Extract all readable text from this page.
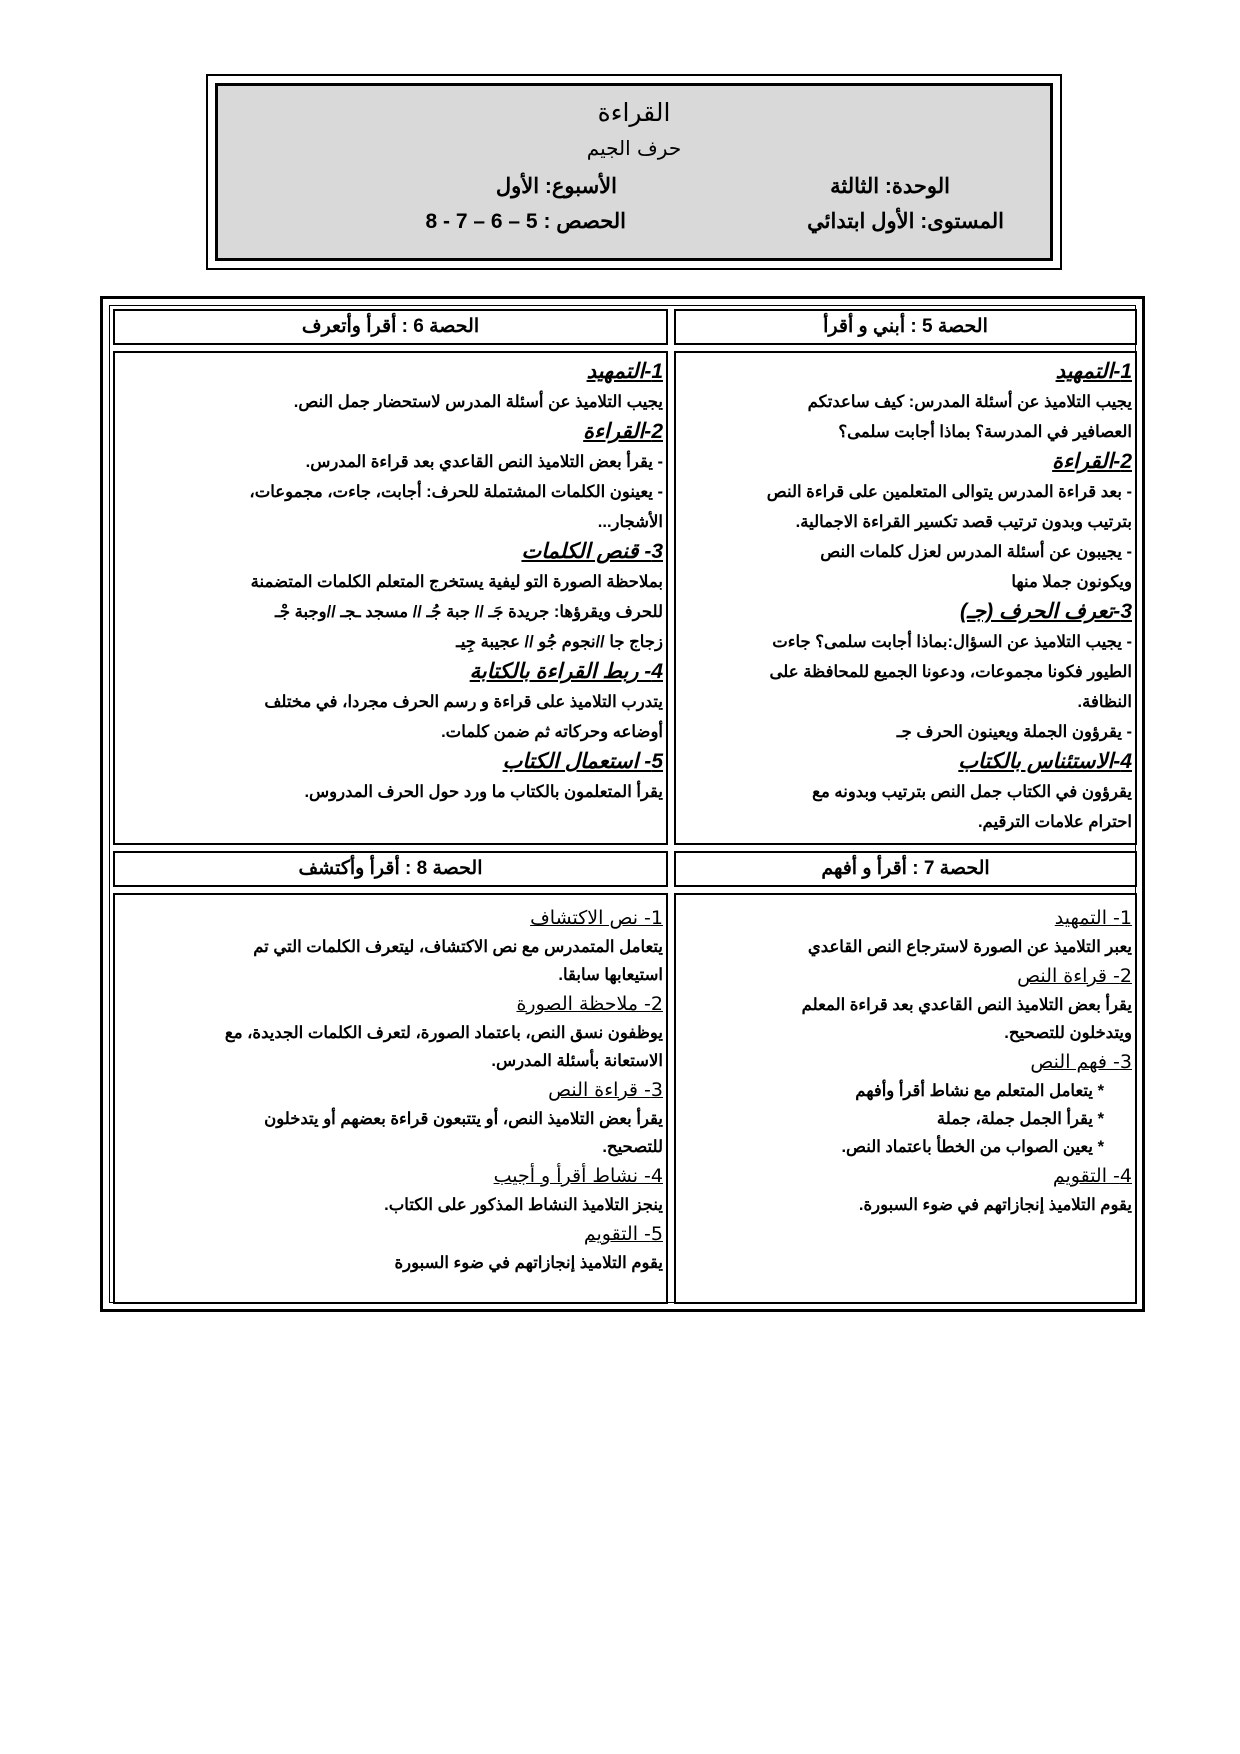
القراءة
حرف الجيم
الوحدة: الثالثة
الأسبوع: الأول
المستوى: الأول ابتدائي
الحصص : 5 – 6 – 7 - 8
الحصة 5 : أبني و أقرأ
الحصة 6 : أقرأ وأتعرف
1-التمهيد
يجيب التلاميذ عن أسئلة المدرس: كيف ساعدتكم
العصافير في المدرسة؟ بماذا أجابت سلمى؟
2-القراءة
- بعد قراءة المدرس يتوالى المتعلمين على قراءة النص
بترتيب وبدون ترتيب قصد تكسير القراءة الاجمالية.
- يجيبون عن أسئلة المدرس لعزل كلمات النص
ويكونون جملا منها
3-تعرف الحرف (جـ)
- يجيب التلاميذ عن السؤال:بماذا أجابت سلمى؟ جاءت
الطيور فكونا مجموعات، ودعونا الجميع للمحافظة على
النظافة.
- يقرؤون الجملة ويعينون الحرف جـ
4-الاستئناس بالكتاب
يقرؤون في الكتاب جمل النص بترتيب وبدونه مع
احترام علامات الترقيم.
1-التمهيد
يجيب التلاميذ عن أسئلة المدرس لاستحضار جمل النص.
2-القراءة
- يقرأ بعض التلاميذ النص القاعدي بعد قراءة المدرس.
- يعينون الكلمات المشتملة للحرف: أجابت، جاءت، مجموعات،
الأشجار...
3- قنص الكلمات
بملاحظة الصورة التو ليفية يستخرج المتعلم الكلمات المتضمنة
للحرف ويقرؤها: جريدة جَـ // جبة جُـ // مسجد ـجـ //وجبة جْـ
زجاج جا //نجوم جُو // عجيبة جِيـ
4- ربط القراءة بالكتابة
يتدرب التلاميذ على قراءة و رسم الحرف مجردا، في مختلف
أوضاعه وحركاته ثم ضمن كلمات.
5- استعمال الكتاب
يقرأ المتعلمون بالكتاب ما ورد حول الحرف المدروس.
الحصة 7 : أقرأ و أفهم
الحصة 8 : أقرأ وأكتشف
1- التمهيد
يعبر التلاميذ عن الصورة لاسترجاع النص القاعدي
2- قراءة النص
يقرأ بعض التلاميذ النص القاعدي بعد قراءة المعلم
ويتدخلون للتصحيح.
3- فهم النص
* يتعامل المتعلم مع نشاط أقرأ وأفهم
* يقرأ الجمل جملة، جملة
* يعين الصواب من الخطأ باعتماد النص.
4- التقويم
يقوم التلاميذ إنجازاتهم في ضوء السبورة.
1- نص الاكتشاف
يتعامل المتمدرس مع نص الاكتشاف، ليتعرف الكلمات التي تم
استيعابها سابقا.
2- ملاحظة الصورة
يوظفون نسق النص، باعتماد الصورة، لتعرف الكلمات الجديدة، مع
الاستعانة بأسئلة المدرس.
3- قراءة النص
يقرأ بعض التلاميذ النص، أو يتتبعون قراءة بعضهم أو يتدخلون
للتصحيح.
4- نشاط أقرأ و أجيب
ينجز التلاميذ النشاط المذكور على الكتاب.
5- التقويم
يقوم التلاميذ إنجازاتهم في ضوء السبورة
